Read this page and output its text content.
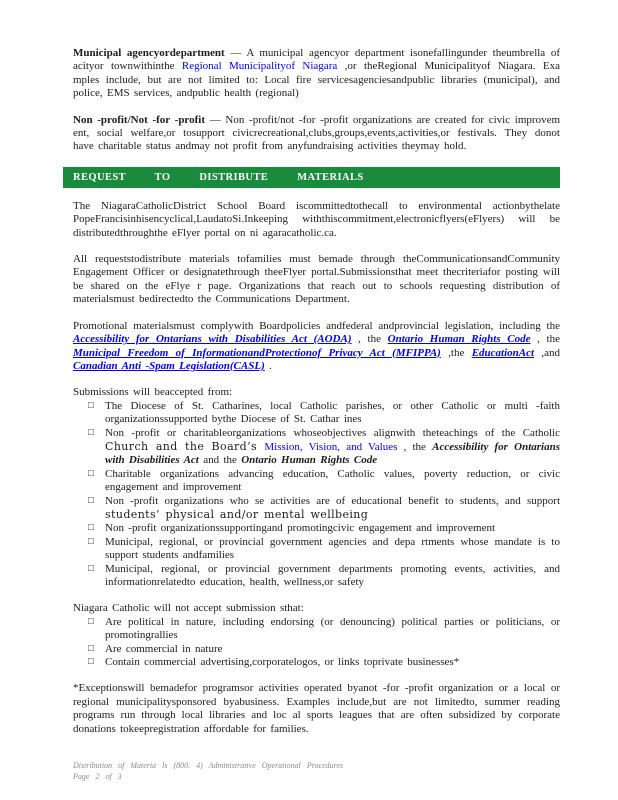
Municipal agencyordepartment — A municipal agencyor department isonefallingunder theumbrella of acityor townwithinthe Regional Municipalityof Niagara ,or theRegional Municipalityof Niagara. Exa mples include, but are not limited to: Local fire servicesagenciesandpublic libraries (municipal), and police, EMS services, andpublic health (regional)

Non -profit/Not -for -profit — Non -profit/not -for -profit organizations are created for civic improvem ent, social welfare,or tosupport civicrecreational,clubs,groups,events,activities,or festivals. They donot have charitable status andmay not profit from anyfundraising activities theymay hold.

REQUEST TO DISTRIBUTE MATERIALS

The NiagaraCatholicDistrict School Board iscommittedtothecall to environmental actionbythelate PopeFrancisinhisencyclical,LaudatoSi.Inkeeping withthiscommitment,electronicflyers(eFlyers) will be distributedthroughthe eFlyer portal on ni agaracatholic.ca.

All requeststodistribute materials tofamilies must bemade through theCommunicationsandCommunity Engagement Officer or designatethrough theeFlyer portal.Submissionsthat meet thecriteriafor posting will be shared on the eFlye r page. Organizations that reach out to schools requesting distribution of materialsmust bedirectedto the Communications Department.

Promotional materialsmust complywith Boardpolicies andfederal andprovincial legislation, including the Accessibility for Ontarians with Disabilities Act (AODA) , the Ontario Human Rights Code , the Municipal Freedom of InformationandProtectionof Privacy Act (MFIPPA) ,the EducationAct ,and Canadian Anti -Spam Legislation(CASL) .

Submissions will beaccepted from:

□	The Diocese of St. Catharines, local Catholic parishes, or other Catholic or multi -faith organizationssupported bythe Diocese of St. Cathar ines
□	Non -profit or charitableorganizations whoseobjectives alignwith theteachings of the Catholic Church and the Board’s Mission, Vision, and Values , the Accessibility for Ontarians with Disabilities Act and the Ontario Human Rights Code
□	Charitable organizations advancing education, Catholic values, poverty reduction, or civic engagement and improvement
□	Non -profit organizations who se activities are of educational benefit to students, and support students’ physical and/or mental wellbeing
□	Non -profit organizationssupportingand promotingcivic engagement and improvement
□	Municipal, regional, or provincial government agencies and depa rtments whose mandate is to support students andfamilies
□	Municipal, regional, or provincial government departments promoting events, activities, and informationrelatedto education, health, wellness,or safety

Niagara Catholic will not accept submission sthat:

□	Are political in nature, including endorsing (or denouncing) political parties or politicians, or promotingrallies
□	Are commercial in nature
□	Contain commercial advertising,corporatelogos, or links toprivate businesses*

*Exceptionswill bemadefor programsor activities operated byanot -for -profit organization or a local or regional municipalitysponsored byabusiness. Examples include,but are not limitedto, summer reading programs run through local libraries and loc al sports leagues that are often subsidized by corporate donations tokeepregistration affordable for families.

Distribution of Materia ls (800. 4) Administrative Operational Procedures
Page 2 of 3
